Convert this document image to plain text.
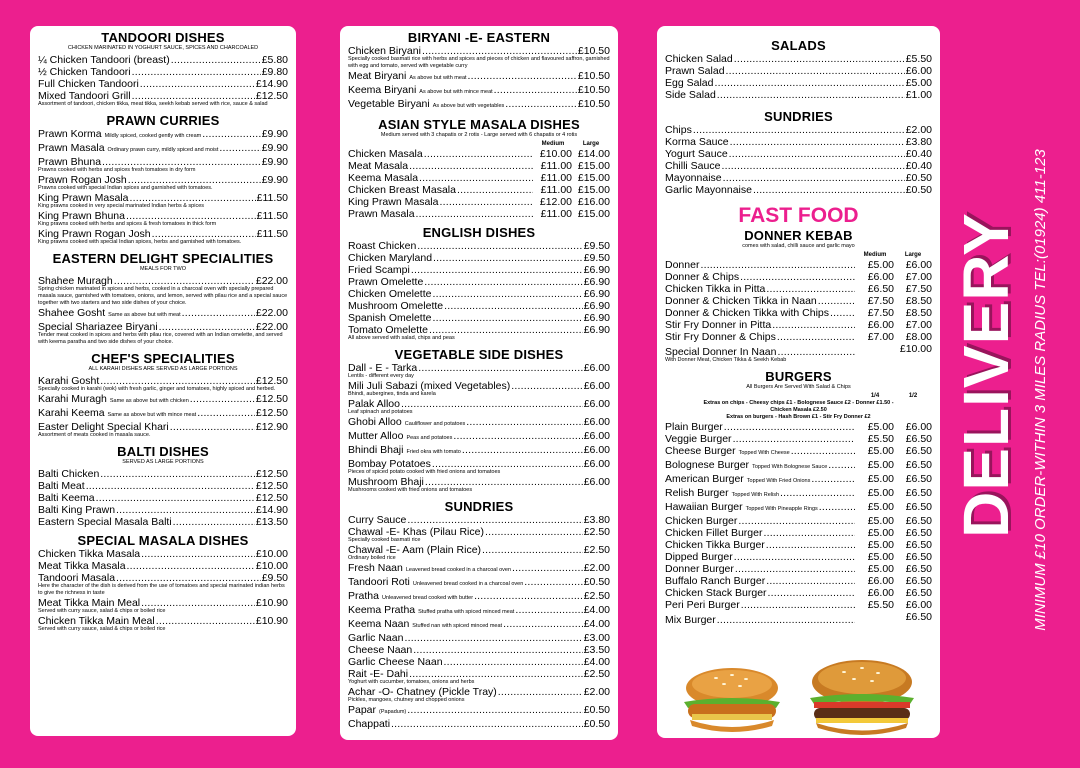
TANDOORI DISHES
CHICKEN MARINATED IN YOGHURT SAUCE, SPICES AND CHARCOALED
¼ Chicken Tandoori (breast) .....	£5.80
½ Chicken Tandoori .....	£9.80
Full Chicken Tandoori .....	£14.90
Mixed Tandoori Grill .....	£12.50
Assortment of tandoori, chicken tikka, meat tikka, seekh kebab served with rice, sauce & salad
PRAWN CURRIES
Prawn Korma Mildly spiced, cooked gently with cream .....	£9.90
Prawn Masala Ordinary prawn curry, mildly spiced and moist .....	£9.90
Prawn Bhuna .....	£9.90
Prawns cooked with herbs and spices fresh tomatoes in dry form
Prawn Rogan Josh .....	£9.90
Prawns cooked with special Indian spices and garnished with tomatoes.
King Prawn Masala .....	£11.50
King prawns cooked in very special marinated Indian herbs & spices
King Prawn Bhuna .....	£11.50
King prawns cooked with herbs and spices & fresh tomatoes in thick form
King Prawn Rogan Josh .....	£11.50
King prawns cooked with special Indian spices, herbs and garnished with tomatoes.
EASTERN DELIGHT SPECIALITIES
MEALS FOR TWO
Shahee Muragh .....	£22.00
Spring chicken marinated in spices and herbs, cooked in a charcoal oven with specially prepared masala sauce, garnished with tomatoes, onions, and lemon, served with pilau rice and a special sauce together with two starters and two side dishes of your choice.
Shahee Gosht Same as above but with meat .....	£22.00
Special Shariazee Biryani .....	£22.00
Tender meat cooked in spices and herbs with pilau rice, covered with an Indian omelette, and served with keema paratha and two side dishes of your choice.
CHEF'S SPECIALITIES
ALL KARAHI DISHES ARE SERVED AS LARGE PORTIONS
Karahi Gosht .....	£12.50
Specially cooked in karahi (wok) with fresh garlic, ginger and tomatoes, highly spiced and herbed.
Karahi Muragh Same as above but with chicken .....	£12.50
Karahi Keema Same as above but with mince meat .....	£12.50
Easter Delight Special Khari .....	£12.90
Assortment of meats cooked in masala sauce.
BALTI DISHES
SERVED AS LARGE PORTIONS
Balti Chicken .....	£12.50
Balti Meat .....	£12.50
Balti Keema .....	£12.50
Balti King Prawn .....	£14.90
Eastern Special Masala Balti .....	£13.50
SPECIAL MASALA DISHES
Chicken Tikka Masala .....	£10.00
Meat Tikka Masala .....	£10.00
Tandoori Masala .....	£9.50
Here the character of the dish is derived from the use of tomatoes and special marinated indian herbs to give the richness in taste
Meat Tikka Main Meal .....	£10.90
Served with curry sauce, salad & chips or boiled rice
Chicken Tikka Main Meal .....	£10.90
Served with curry sauce, salad & chips or boiled rice
BIRYANI -E- EASTERN
Chicken Biryani .....	£10.50
Specially cooked basmati rice with herbs and spices and pieces of chicken and flavoured saffron, garnished with egg and tomato, served with vegetable curry
Meat Biryani As above but with meat .....	£10.50
Keema Biryani As above but with mince meat .....	£10.50
Vegetable Biryani As above but with vegetables .....	£10.50
ASIAN STYLE MASALA DISHES
Medium served with 3 chapatis or 2 rotis - Large served with 6 chapatis or 4 rotis
Medium	Large
Chicken Masala .....	£10.00 £14.00
Meat Masala .....	£11.00 £15.00
Keema Masala .....	£11.00 £15.00
Chicken Breast Masala .....	£11.00 £15.00
King Prawn Masala .....	£12.00 £16.00
Prawn Masala .....	£11.00 £15.00
ENGLISH DISHES
Roast Chicken .....	£9.50
Chicken Maryland .....	£9.50
Fried Scampi .....	£6.90
Prawn Omelette .....	£6.90
Chicken Omelette .....	£6.90
Mushroom Omelette .....	£6.90
Spanish Omelette .....	£6.90
Tomato Omelette .....	£6.90
All above served with salad, chips and peas
VEGETABLE SIDE DISHES
Dall - E - Tarka .....	£6.00
Lentils - different every day
Mili Juli Sabazi (mixed Vegetables) .....	£6.00
Bhindi, aubergines, tinda and karela
Palak Alloo .....	£6.00
Leaf spinach and potatoes
Ghobi Alloo Cauliflower and potatoes .....	£6.00
Mutter Alloo Peas and potatoes .....	£6.00
Bhindi Bhaji Fried okra with tomato .....	£6.00
Bombay Potatoes .....	£6.00
Pieces of spiced potato cooked with fried onions and tomatoes
Mushroom Bhaji .....	£6.00
Mushrooms cooked with fried onions and tomatoes
SUNDRIES
Curry Sauce .....	£3.80
Chawal -E- Khas (Pilau Rice) .....	£2.50
Specially cooked basmati rice
Chawal -E- Aam (Plain Rice) .....	£2.50
Ordinary boiled rice
Fresh Naan Leavened bread cooked in a charcoal oven .....	£2.00
Tandoori Roti Unleavened bread cooked in a charcoal oven .....	£0.50
Pratha Unleavened bread cooked with butter .....	£2.50
Keema Pratha Stuffed pratha with spiced minced meat .....	£4.00
Keema Naan Stuffed nan with spiced minced meat .....	£4.00
Garlic Naan .....	£3.00
Cheese Naan .....	£3.50
Garlic Cheese Naan .....	£4.00
Rait -E- Dahi .....	£2.50
Yoghurt with cucumber, tomatoes, onions and herbs
Achar -O- Chatney (Pickle Tray) .....	£2.00
Pickles, mangoes, chutney and chopped onions
Papar (Papadum) .....	£0.50
Chappati .....	£0.50
SALADS
Chicken Salad .....	£5.50
Prawn Salad .....	£6.00
Egg Salad .....	£5.00
Side Salad .....	£1.00
SUNDRIES
Chips .....	£2.00
Korma Sauce .....	£3.80
Yogurt Sauce .....	£0.40
Chilli Sauce .....	£0.40
Mayonnaise .....	£0.50
Garlic Mayonnaise .....	£0.50
FAST FOOD
DONNER KEBAB
comes with salad, chilli sauce and garlic mayo
Medium	Large
Donner .....	£5.00	£6.00
Donner & Chips .....	£6.00	£7.00
Chicken Tikka in Pitta .....	£6.50	£7.50
Donner & Chicken Tikka in Naan .....	£7.50	£8.50
Donner & Chicken Tikka with Chips .....	£7.50	£8.50
Stir Fry Donner in Pitta .....	£6.00	£7.00
Stir Fry Donner & Chips .....	£7.00	£8.00
Special Donner In Naan .....	£10.00
With Donner Meat, Chicken Tikka & Seekh Kebab
BURGERS
All Burgers Are Served With Salad & Chips
1/4	1/2
Extras on chips - Cheesy chips £1 - Bolognese Sauce £2 - Donner £1.50 -
Chicken Masala £2.50
Extras on burgers - Hash Brown £1 - Stir Fry Donner £2
Plain Burger .....	£5.00	£6.00
Veggie Burger .....	£5.50	£6.50
Cheese Burger Topped With Cheese .....	£5.00	£6.50
Bolognese Burger Topped With Bolognese Sauce .....	£5.00	£6.50
American Burger Topped With Fried Onions .....	£5.00	£6.50
Relish Burger Topped With Relish .....	£5.00	£6.50
Hawaiian Burger Topped With Pineapple Rings .....	£5.00	£6.50
Chicken Burger .....	£5.00	£6.50
Chicken Fillet Burger .....	£5.00	£6.50
Chicken Tikka Burger .....	£5.00	£6.50
Dipped Burger .....	£5.00	£6.50
Donner Burger .....	£5.00	£6.50
Buffalo Ranch Burger .....	£6.00	£6.50
Chicken Stack Burger .....	£6.00	£6.50
Peri Peri Burger .....	£5.50	£6.00
Mix Burger .....	£6.50
DELIVERY MINIMUM £10 ORDER-WITHIN 3 MILES RADIUS TEL:(01924) 411-123
